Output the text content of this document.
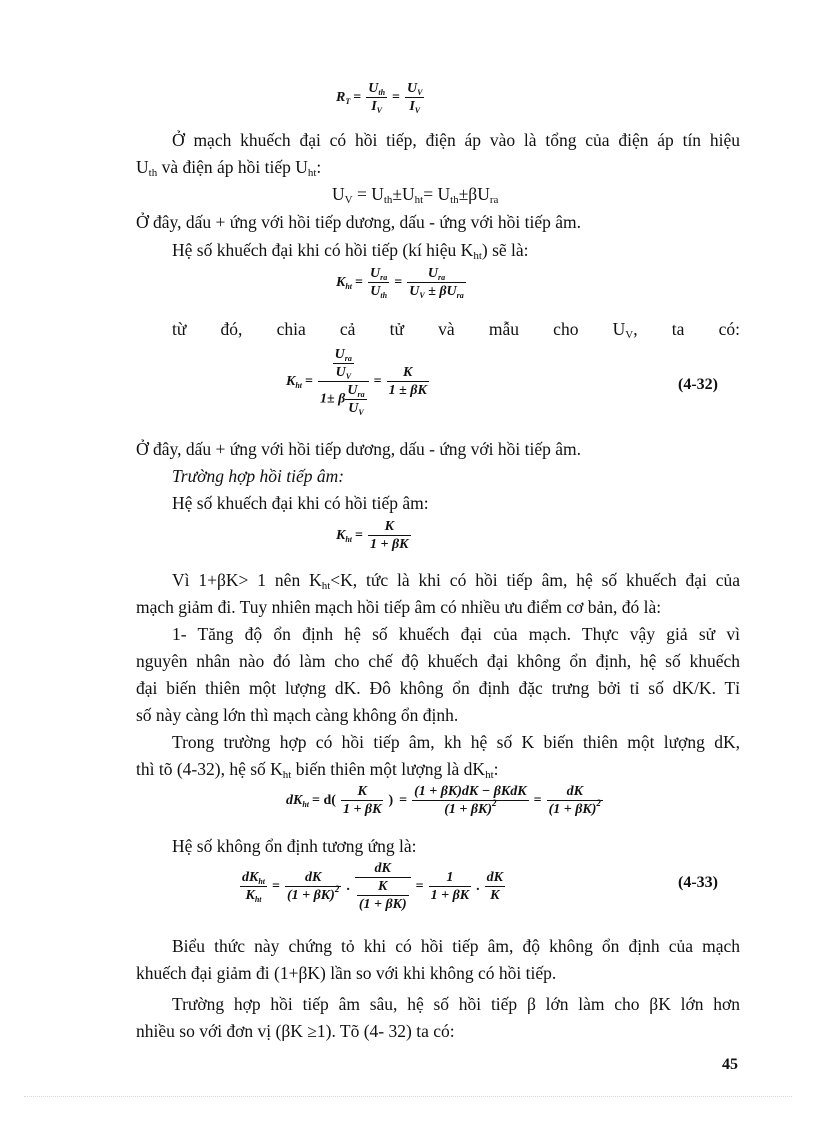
$R_T$ =
$U_{th}$
$I_V$
= $\frac{U_V}{I_V}$
Ở mạch khuếch đại có hồi tiếp, điện áp vào là tổng của điện áp tín hiệu
$U_{th}$ và điện áp hồi tiếp $U_{ht}$:
$U_V = U_{th}\pm U_{ht}= U_{th}\pm\beta U_{ra}$
Ở đây, dấu + ứng với hồi tiếp dương, dấu - ứng với hồi tiếp âm.
Hệ số khuếch đại khi có hồi tiếp (kí hiệu $K_{ht}$) sẽ là:
$K_{ht}$ =
$U_{ra}$
$U_{th}$
=
$U_{ra}$
$U_V \pm \beta U_{ra}$
từ đó, chia cả tử và mẫu cho $U_V$, ta có:
$K_{ht}$ =
$U_{ra}$
$U_V$
1± β
$U_{ra}$
$U_V$
= $\frac{K}{1 \pm \beta K}$	(4-32)
Ở đây, dấu + ứng với hồi tiếp dương, dấu - ứng với hồi tiếp âm.
Trường hợp hồi tiếp âm:
Hệ số khuếch đại khi có hồi tiếp âm:
$K_{ht} = \frac{K}{1 + \beta K}$
Vì 1+βK> 1 nên $K_{ht}<K$, tức là khi có hồi tiếp âm, hệ số khuếch đại của
mạch giảm đi. Tuy nhiên mạch hồi tiếp âm có nhiều ưu điểm cơ bản, đó là:
1- Tăng độ ổn định hệ số khuếch đại của mạch. Thực vậy giả sử vì
nguyên nhân nào đó làm cho chế độ khuếch đại không ổn định, hệ số khuếch
đại biến thiên một lượng dK. Đô không ổn định đặc trưng bởi tỉ số dK/K. Tỉ
số này càng lớn thì mạch càng không ổn định.
Trong trường hợp có hồi tiếp âm, kh hệ số K biến thiên một lượng dK,
thì tõ (4-32), hệ số $K_{ht}$ biến thiên một lượng là $dK_{ht}$:
$dK_{ht} = d( \frac{K}{1 + \beta K}$ ) =
(1 + βK)dK − βKdK
$(1 + \beta K)^2$	= $\frac{dK}{(1 + \beta K)^2}$
Hệ số không ổn định tương ứng là:
$dK_{ht}$
$K_{ht}$
= $\frac{dK}{(1 + \beta K)^2}$ . $\frac{dK}{\frac{K}{(1 + \beta K)}} = \frac{1}{1 + \beta K}$ . $\frac{dK}{K}$	(4-33)
Biểu thức này chứng tỏ khi có hồi tiếp âm, độ không ổn định của mạch
khuếch đại giảm đi (1+βK) lần so với khi không có hồi tiếp.
Trường hợp hồi tiếp âm sâu, hệ số hồi tiếp β lớn làm cho βK lớn hơn
nhiều so với đơn vị (βK ≥1). Tõ (4- 32) ta có:
45
